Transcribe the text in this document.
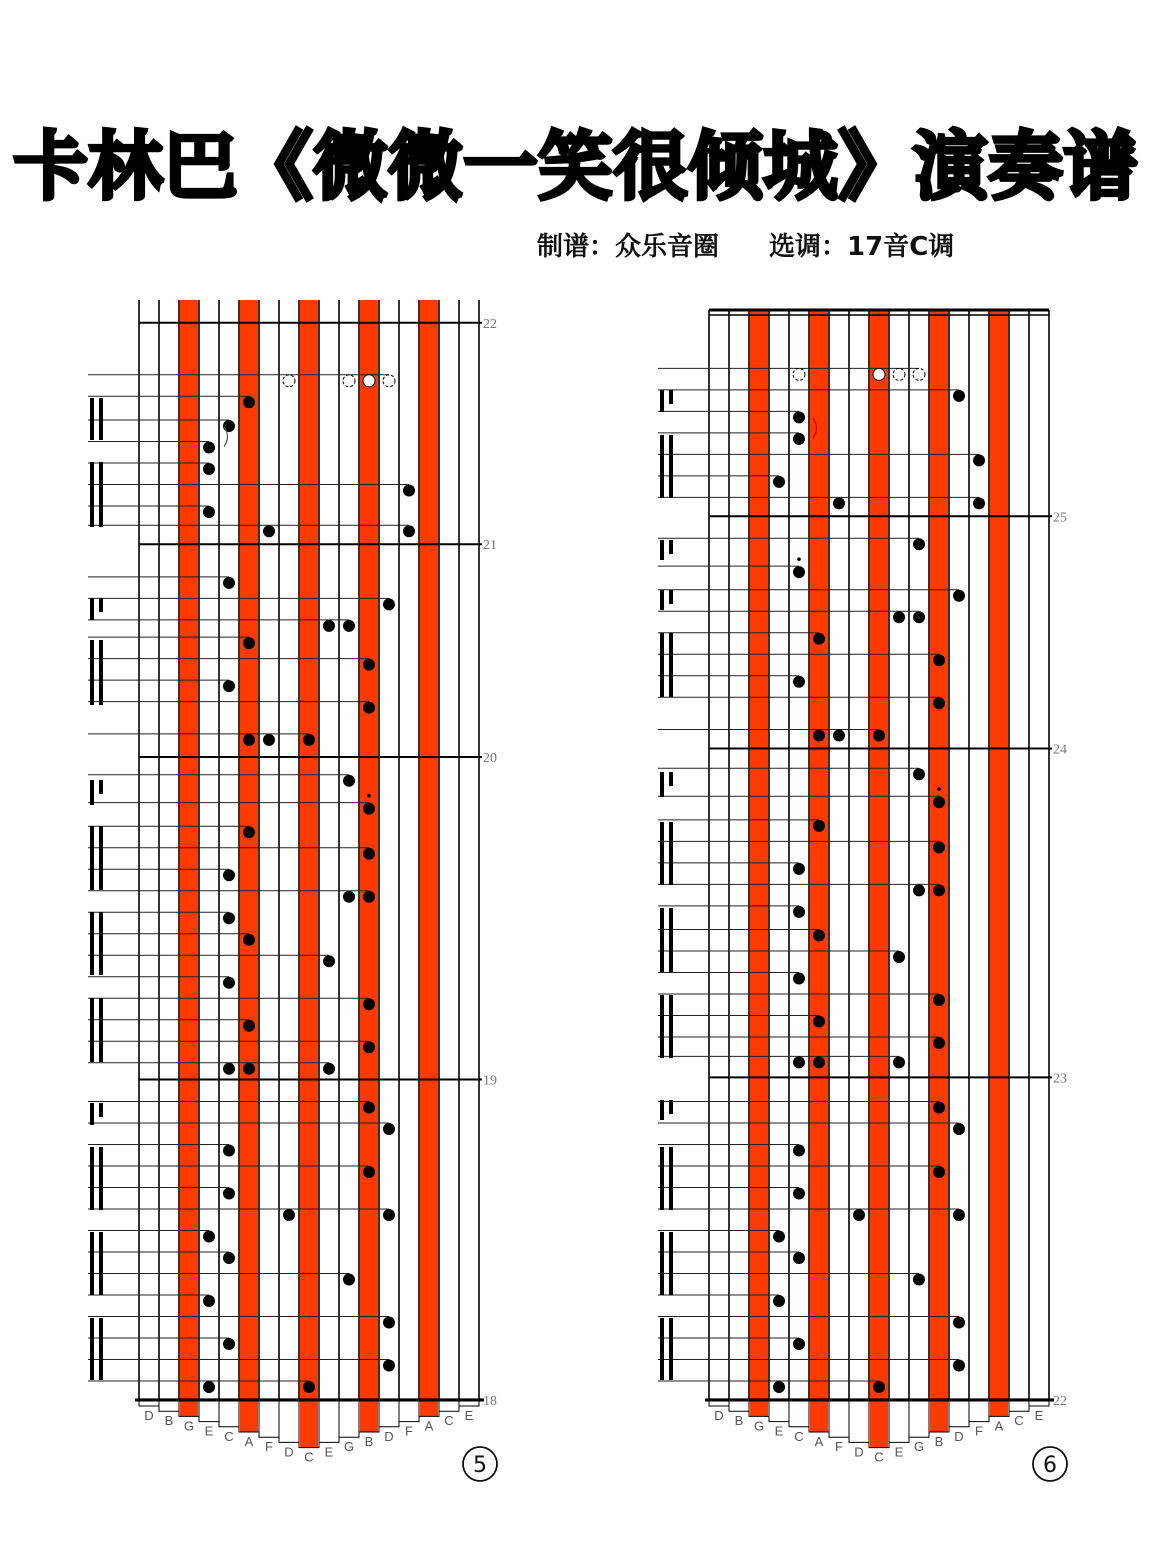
卡林巴《微微一笑很倾城》演奏谱
制谱：众乐音圈 选调：17音C调
D B G E C A F D C E G B D F A C E
18
19
20
21
22
5
D B G E C A F D C E G B D F A C E
22
23
24
25
6
